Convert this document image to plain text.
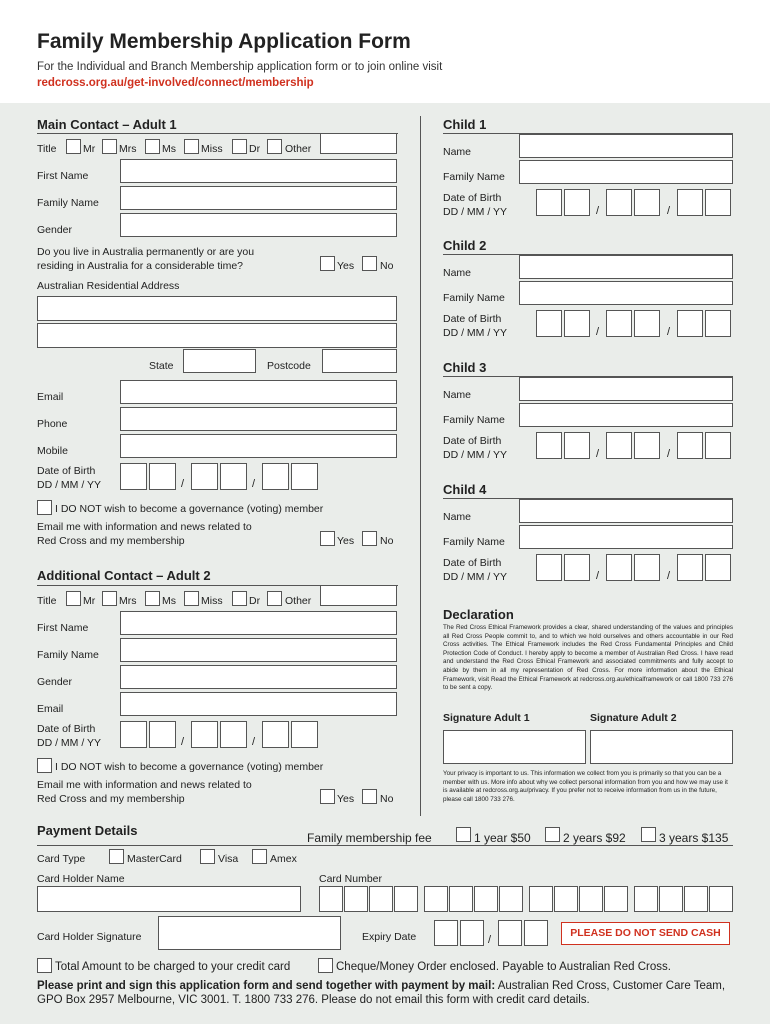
Family Membership Application Form
For the Individual and Branch Membership application form or to join online visit
redcross.org.au/get-involved/connect/membership
Main Contact – Adult 1
Title	Mr Mrs Ms Miss	Dr Other
First Name
Family Name
Gender
Do you live in Australia permanently or are you
residing in Australia for a considerable time?	Yes No
Australian Residential Address
State	Postcode
Email
Phone
Mobile
Date of Birth
DD / MM / YY	/	/
I DO NOT wish to become a governance (voting) member
Email me with information and news related to
Red Cross and my membership	Yes No
Additional Contact – Adult 2
Title	Mr Mrs Ms Miss	Dr Other
First Name
Family Name
Gender
Email
Date of Birth
DD / MM / YY	/	/
I DO NOT wish to become a governance (voting) member
Email me with information and news related to
Red Cross and my membership	Yes No
Child 1
Name
Family Name
Date of Birth
DD / MM / YY	/	/
Child 2
Name
Family Name
Date of Birth
DD / MM / YY	/	/
Child 3
Name
Family Name
Date of Birth
DD / MM / YY	/	/
Child 4
Name
Family Name
Date of Birth
DD / MM / YY	/	/
Declaration
The Red Cross Ethical Framework provides a clear, shared understanding of the values and principles all Red Cross People commit to, and to which we hold ourselves and others accountable in our Red Cross activities. The Ethical Framework includes the Red Cross Fundamental Principles and Child Protection Code of Conduct. I hereby apply to become a member of Australian Red Cross. I have read and understand the Red Cross Ethical Framework and associated commitments and fully accept to abide by them in all my representation of Red Cross. For more information about the Ethical Framework, visit Read the Ethical Framework at redcross.org.au/ethicalframework or call 1800 733 276 to be sent a copy.
Signature Adult 1	Signature Adult 2
Your privacy is important to us. This information we collect from you is primarily so that you can be a member with us. More info about why we collect personal information from you and how we may use it is available at redcross.org.au/privacy. If you prefer not to receive information from us in the future, please call 1800 733 276.
Payment Details	Family membership fee	1 year $50	2 years $92	3 years $135
Card Type	MasterCard	Visa	Amex
Card Holder Name	Card Number
Card Holder Signature	Expiry Date	/
PLEASE DO NOT SEND CASH
Total Amount to be charged to your credit card	Cheque/Money Order enclosed. Payable to Australian Red Cross.
Please print and sign this application form and send together with payment by mail: Australian Red Cross, Customer Care Team,
GPO Box 2957 Melbourne, VIC 3001. T. 1800 733 276. Please do not email this form with credit card details.
